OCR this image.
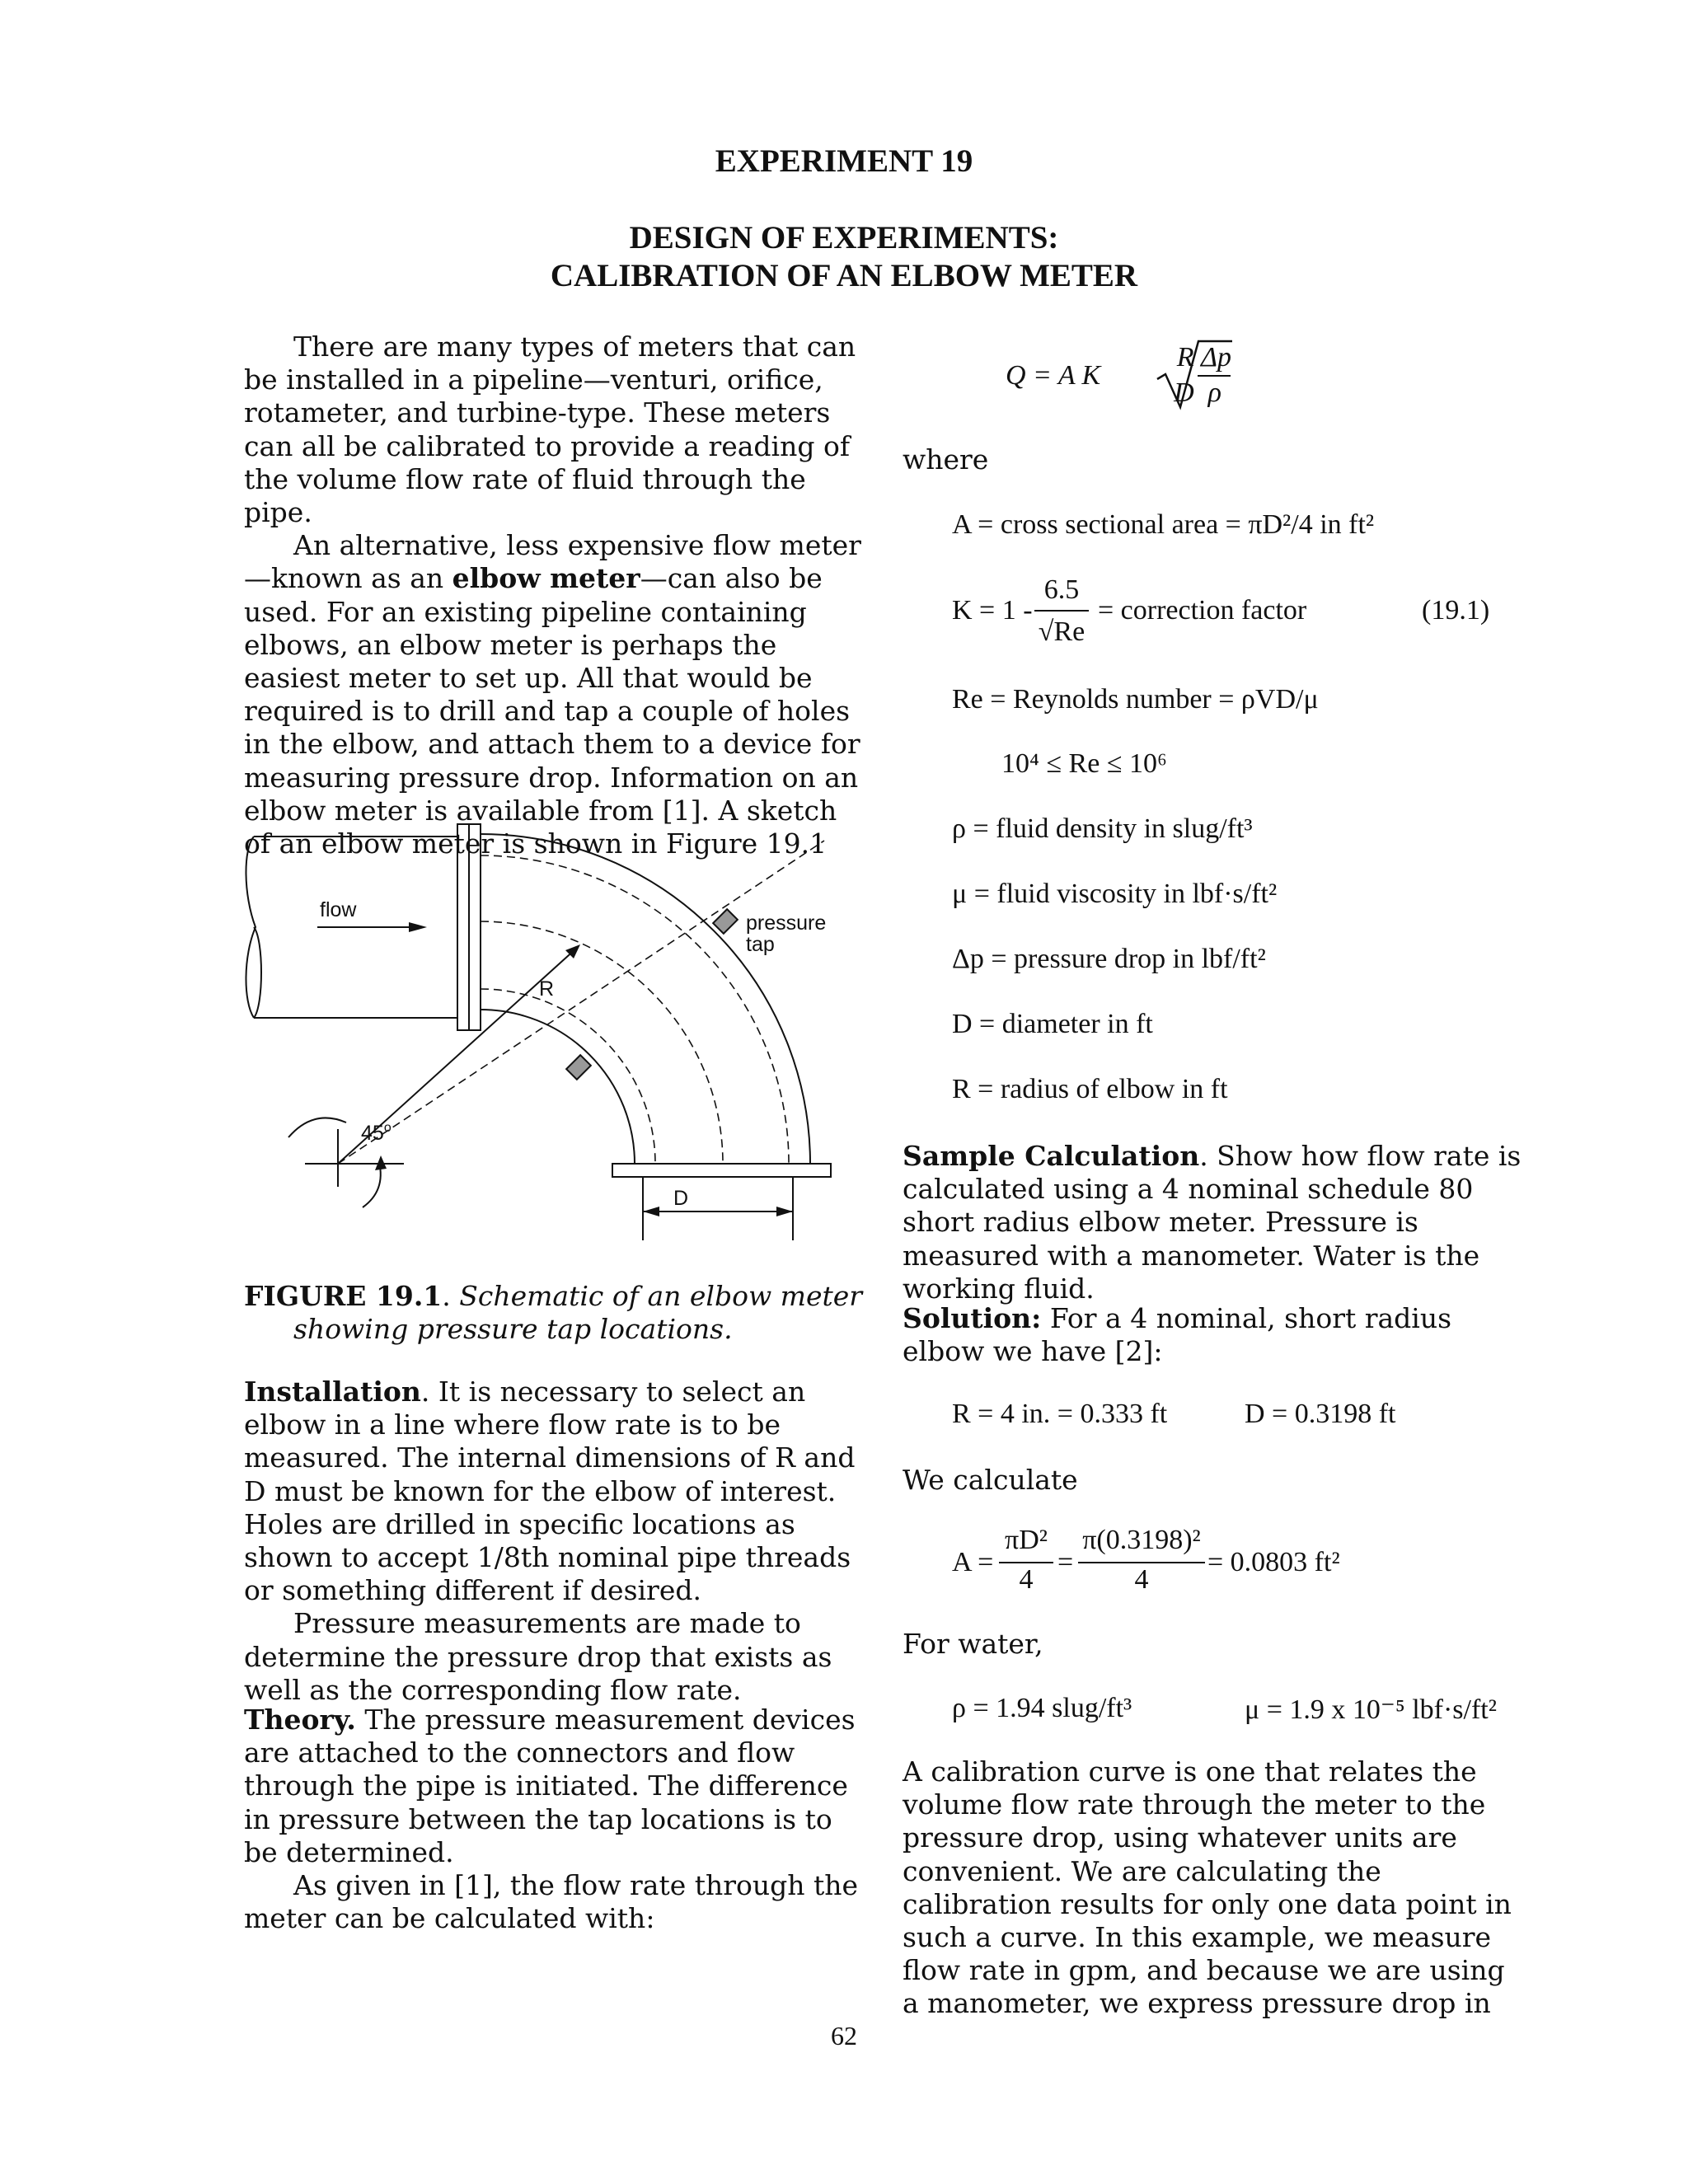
EXPERIMENT 19
DESIGN OF EXPERIMENTS:
CALIBRATION OF AN ELBOW METER

There are many types of meters that can be installed in a pipeline—venturi, orifice, rotameter, and turbine-type. These meters can all be calibrated to provide a reading of the volume flow rate of fluid through the pipe.

An alternative, less expensive flow meter—known as an elbow meter—can also be used. For an existing pipeline containing elbows, an elbow meter is perhaps the easiest meter to set up. All that would be required is to drill and tap a couple of holes in the elbow, and attach them to a device for measuring pressure drop. Information on an elbow meter is available from [1]. A sketch of an elbow meter is shown in Figure 19.1

flow
R
pressure
tap
D
45$^o$

FIGURE 19.1. Schematic of an elbow meter

showing pressure tap locations.

Installation. It is necessary to select an elbow in a line where flow rate is to be measured. The internal dimensions of R and D must be known for the elbow of interest. Holes are drilled in specific locations as shown to accept 1/8th nominal pipe threads or something different if desired.

Pressure measurements are made to determine the pressure drop that exists as well as the corresponding flow rate.

Theory. The pressure measurement devices are attached to the connectors and flow through the pipe is initiated. The difference in pressure between the tap locations is to be determined.

As given in [1], the flow rate through the meter can be calculated with:

Q = A K
R Δp
D  ρ
where
A = cross sectional area = πD²/4 in ft²
K = 1 -
6.5
√Re
= correction factor	(19.1)
Re = Reynolds number = ρVD/μ
10⁴ ≤ Re ≤ 10⁶
ρ = fluid density in slug/ft³
μ = fluid viscosity in lbf·s/ft²
Δp = pressure drop in lbf/ft²
D = diameter in ft
R = radius of elbow in ft

Sample Calculation. Show how flow rate is calculated using a 4 nominal schedule 80 short radius elbow meter. Pressure is measured with a manometer. Water is the working fluid.

Solution: For a 4 nominal, short radius elbow we have [2]:

R = 4 in. = 0.333 ft	D = 0.3198 ft
We calculate
A =
πD²
4
=
π(0.3198)²
4
= 0.0803 ft²
For water,
ρ = 1.94 slug/ft³	μ = 1.9 x 10⁻⁵ lbf·s/ft²
A calibration curve is one that relates the volume flow rate through the meter to the pressure drop, using whatever units are convenient. We are calculating the calibration results for only one data point in such a curve. In this example, we measure flow rate in gpm, and because we are using a manometer, we express pressure drop in
62
